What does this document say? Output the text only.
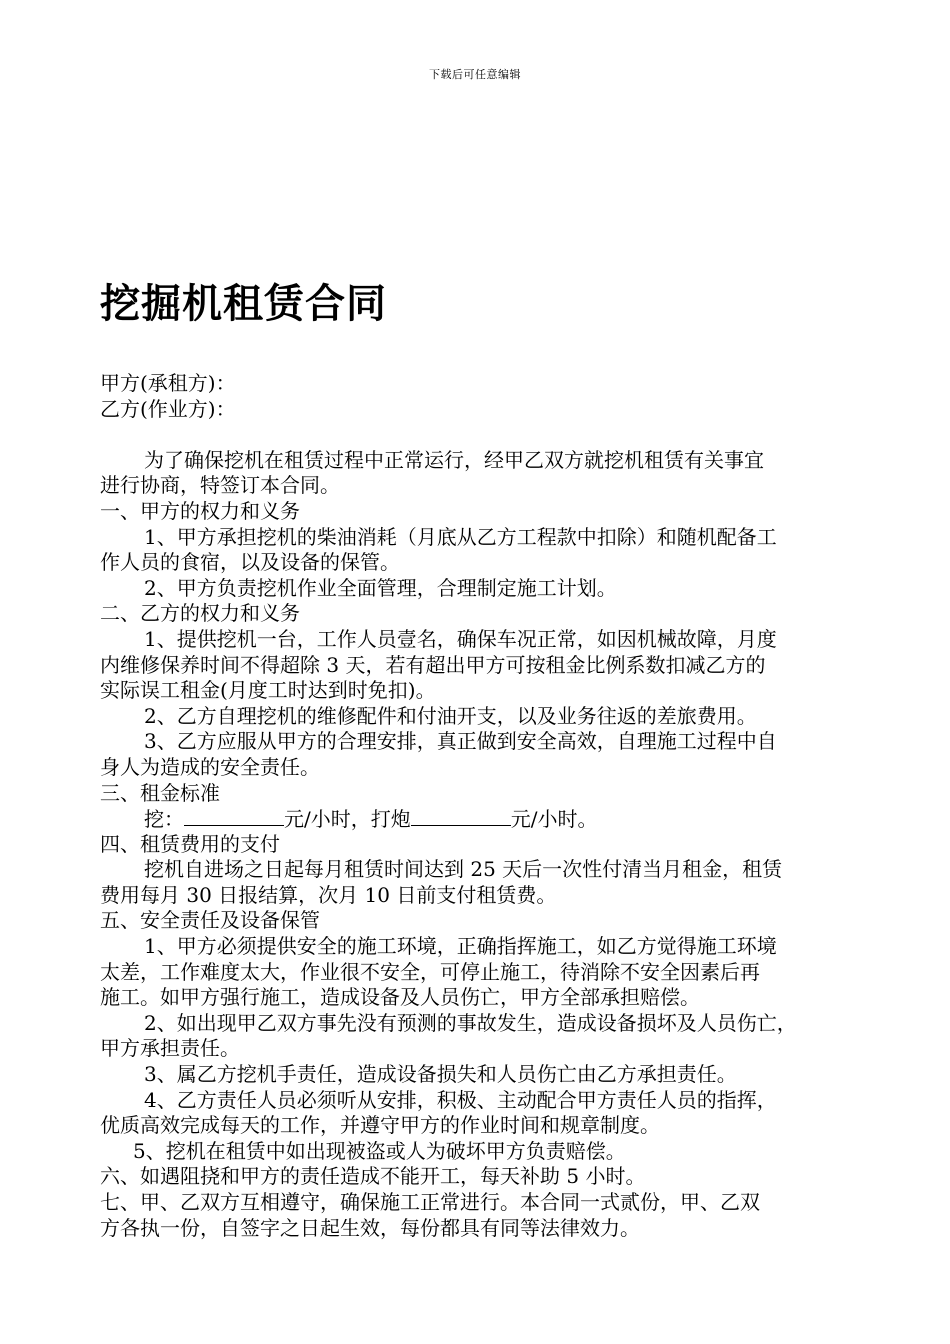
下载后可任意编辑
挖掘机租赁合同
甲方(承租方)：
乙方(作业方)：
为了确保挖机在租赁过程中正常运行，经甲乙双方就挖机租赁有关事宜
进行协商，特签订本合同。
一、甲方的权力和义务
1、甲方承担挖机的柴油消耗（月底从乙方工程款中扣除）和随机配备工
作人员的食宿，以及设备的保管。
2、甲方负责挖机作业全面管理，合理制定施工计划。
二、乙方的权力和义务
1、提供挖机一台，工作人员壹名，确保车况正常，如因机械故障，月度
内维修保养时间不得超除 3 天，若有超出甲方可按租金比例系数扣减乙方的
实际误工租金(月度工时达到时免扣)。
2、乙方自理挖机的维修配件和付油开支，以及业务往返的差旅费用。
3、乙方应服从甲方的合理安排，真正做到安全高效，自理施工过程中自
身人为造成的安全责任。
三、租金标准
挖：	元/小时，打炮	元/小时。
四、租赁费用的支付
挖机自进场之日起每月租赁时间达到 25 天后一次性付清当月租金，租赁
费用每月 30 日报结算，次月 10 日前支付租赁费。
五、安全责任及设备保管
1、甲方必须提供安全的施工环境，正确指挥施工，如乙方觉得施工环境
太差，工作难度太大，作业很不安全，可停止施工，待消除不安全因素后再
施工。如甲方强行施工，造成设备及人员伤亡，甲方全部承担赔偿。
2、如出现甲乙双方事先没有预测的事故发生，造成设备损坏及人员伤亡，
甲方承担责任。
3、属乙方挖机手责任，造成设备损失和人员伤亡由乙方承担责任。
4、乙方责任人员必须听从安排，积极、主动配合甲方责任人员的指挥，
优质高效完成每天的工作，并遵守甲方的作业时间和规章制度。
5、挖机在租赁中如出现被盗或人为破坏甲方负责赔偿。
六、如遇阻挠和甲方的责任造成不能开工，每天补助 5 小时。
七、甲、乙双方互相遵守，确保施工正常进行。本合同一式贰份，甲、乙双
方各执一份，自签字之日起生效，每份都具有同等法律效力。
